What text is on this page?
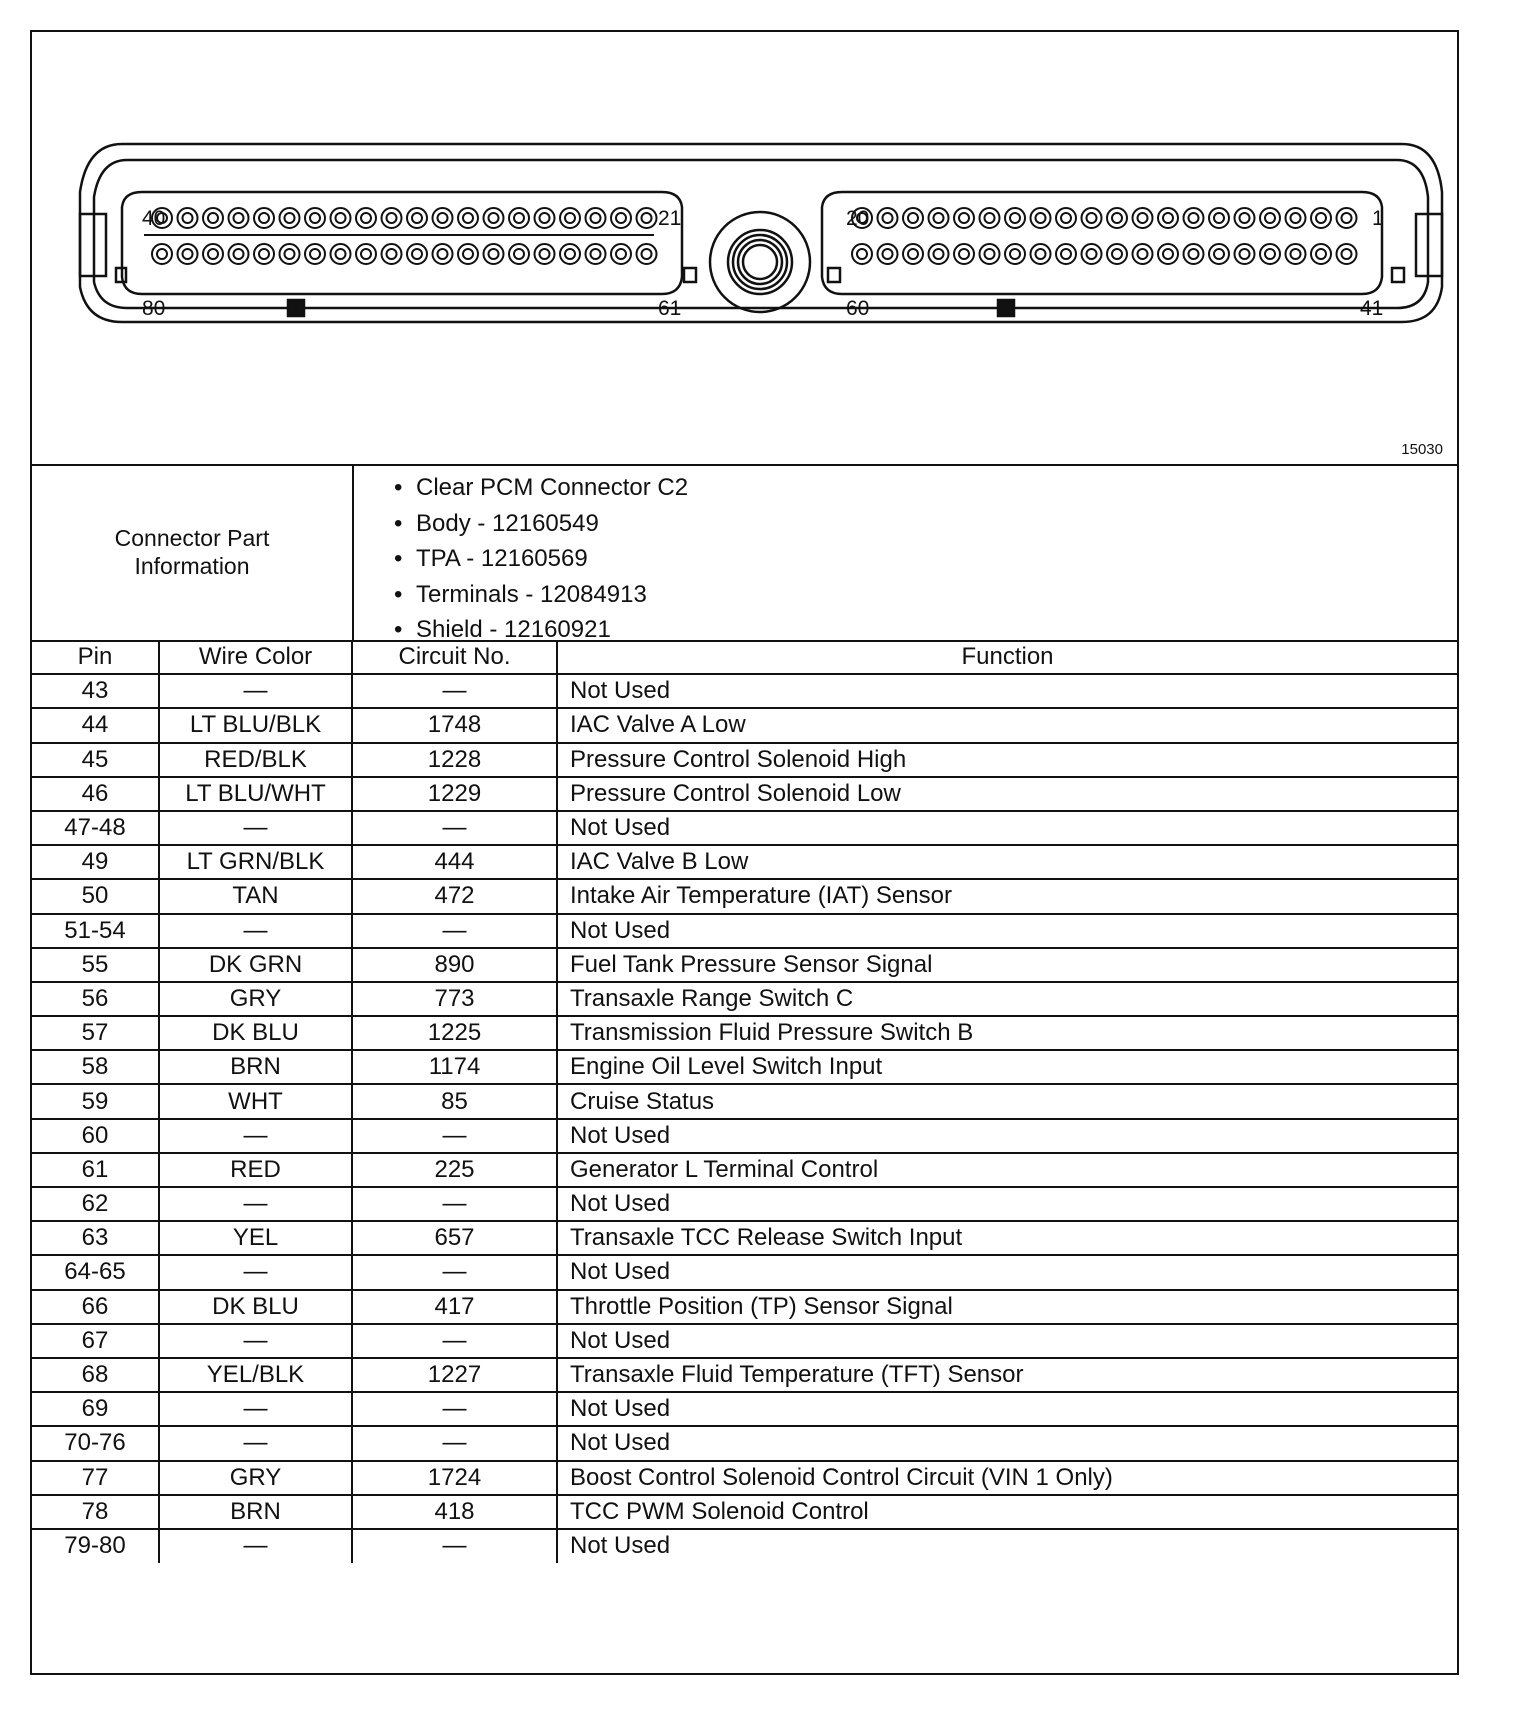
40	21
80	61
20	1
60	41
15030
Connector Part
Information
• Clear PCM Connector C2
• Body - 12160549
• TPA - 12160569
• Terminals - 12084913
• Shield - 12160921
Pin	Wire Color	Circuit No.	Function
43	—	—	Not Used
44	LT BLU/BLK	1748	IAC Valve A Low
45	RED/BLK	1228	Pressure Control Solenoid High
46	LT BLU/WHT	1229	Pressure Control Solenoid Low
47-48	—	—	Not Used
49	LT GRN/BLK	444	IAC Valve B Low
50	TAN	472	Intake Air Temperature (IAT) Sensor
51-54	—	—	Not Used
55	DK GRN	890	Fuel Tank Pressure Sensor Signal
56	GRY	773	Transaxle Range Switch C
57	DK BLU	1225	Transmission Fluid Pressure Switch B
58	BRN	1174	Engine Oil Level Switch Input
59	WHT	85	Cruise Status
60	—	—	Not Used
61	RED	225	Generator L Terminal Control
62	—	—	Not Used
63	YEL	657	Transaxle TCC Release Switch Input
64-65	—	—	Not Used
66	DK BLU	417	Throttle Position (TP) Sensor Signal
67	—	—	Not Used
68	YEL/BLK	1227	Transaxle Fluid Temperature (TFT) Sensor
69	—	—	Not Used
70-76	—	—	Not Used
77	GRY	1724	Boost Control Solenoid Control Circuit (VIN 1 Only)
78	BRN	418	TCC PWM Solenoid Control
79-80	—	—	Not Used
